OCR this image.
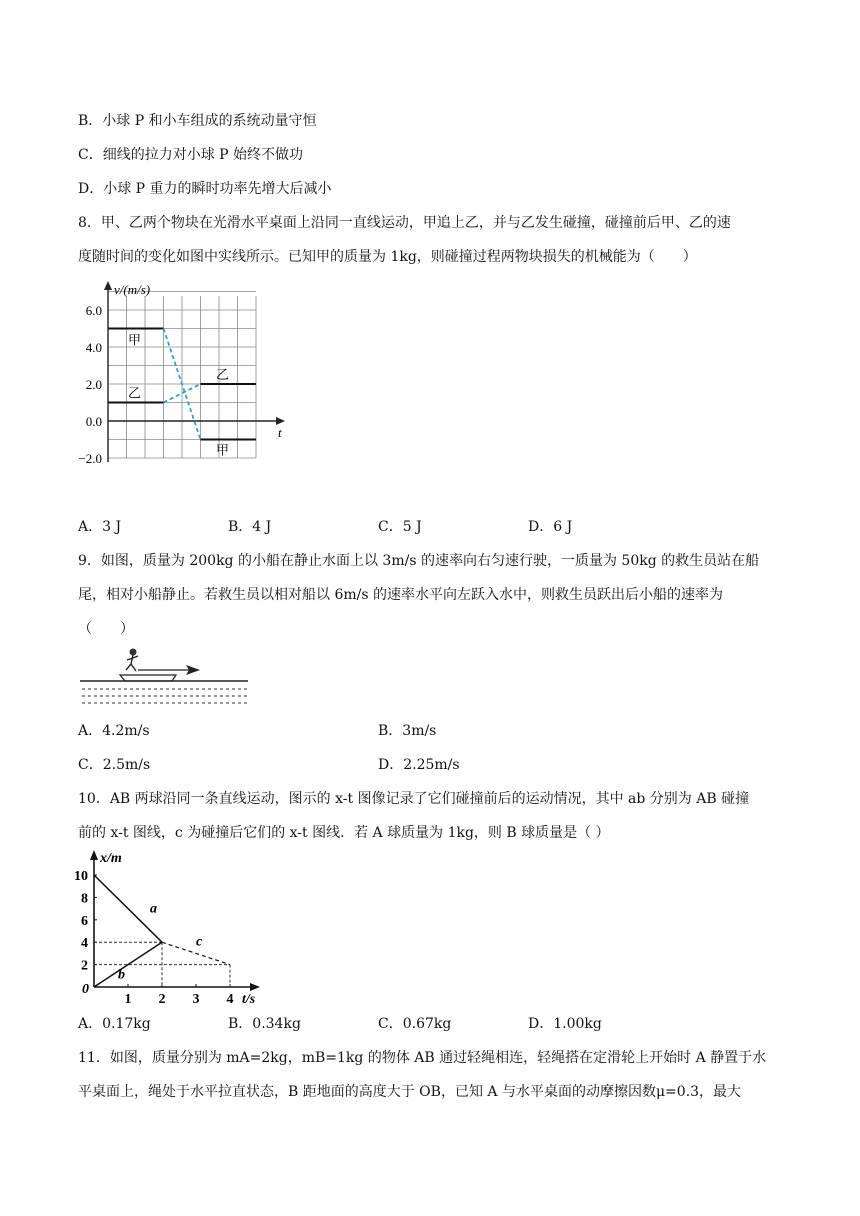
B．小球 P 和小车组成的系统动量守恒
C．细线的拉力对小球 P 始终不做功
D．小球 P 重力的瞬时功率先增大后减小
8．甲、乙两个物块在光滑水平桌面上沿同一直线运动，甲追上乙，并与乙发生碰撞，碰撞前后甲、乙的速
度随时间的变化如图中实线所示。已知甲的质量为 1kg，则碰撞过程两物块损失的机械能为（　　）
v/(m/s)
t
6.0
4.0
2.0
0.0
−2.0
甲
甲
乙
乙
A．3 J	B．4 J	C．5 J	D．6 J
9．如图，质量为 200kg 的小船在静止水面上以 3m/s 的速率向右匀速行驶，一质量为 50kg 的救生员站在船
尾，相对小船静止。若救生员以相对船以 6m/s 的速率水平向左跃入水中，则救生员跃出后小船的速率为
（　　）
A．4.2m/s	B．3m/s
C．2.5m/s	D．2.25m/s
10．AB 两球沿同一条直线运动，图示的 x-t 图像记录了它们碰撞前后的运动情况，其中 ab 分别为 AB 碰撞
前的 x-t 图线，c 为碰撞后它们的 x-t 图线．若 A 球质量为 1kg，则 B 球质量是（ ）
x/m
t/s
0
10
8
6
4
2
1 2 3 4
a
b
c
A．0.17kg	B．0.34kg	C．0.67kg	D．1.00kg
11．如图，质量分别为 mA=2kg，mB=1kg 的物体 AB 通过轻绳相连，轻绳搭在定滑轮上开始时 A 静置于水
平桌面上，绳处于水平拉直状态，B 距地面的高度大于 OB，已知 A 与水平桌面的动摩擦因数μ=0.3，最大
